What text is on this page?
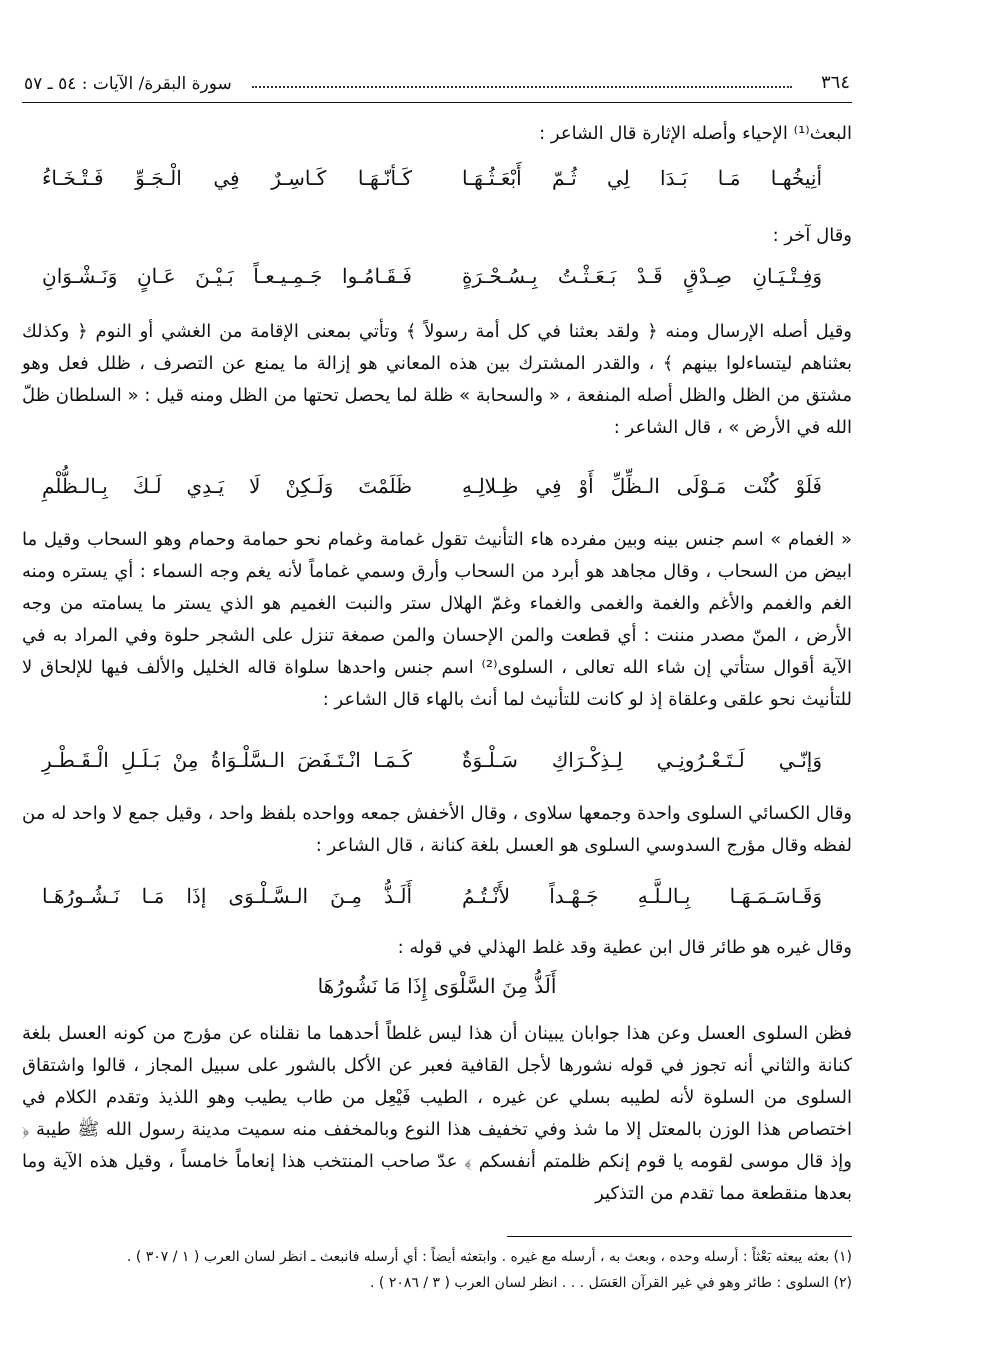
٣٦٤
سورة البقرة/ الآيات : ٥٤ ـ ٥٧

البعث⁽¹⁾ الإحياء وأصله الإثارة قال الشاعر :

أنِيخُهـا مَـا بَـدَا لِي ثُـمّ أَبْعَـثُـهَـا
كَـأنّـهَـا كَـاسِـرٌ فِي الْـجَـوِّ فَـتْـخَـاءُ

وقال آخر :

وَفِـتْـيَـانِ صِـدْقٍ قَـدْ بَـعَـثْـتُ بِـسُـحْـرَةٍ
فَـقَـامُـوا جَـمِـيـعـاً بَـيْـنَ عَـانٍ وَنَـشْـوَانِ

وقيل أصله الإرسال ومنه ﴿ ولقد بعثنا في كل أمة رسولاً ﴾ وتأتي بمعنى الإقامة من الغشي أو النوم ﴿ وكذلك بعثناهم ليتساءلوا بينهم ﴾ ، والقدر المشترك بين هذه المعاني هو إزالة ما يمنع عن التصرف ، ظلل فعل وهو مشتق من الظل والظل أصله المنفعة ، « والسحابة » ظلة لما يحصل تحتها من الظل ومنه قيل : « السلطان ظلّ الله في الأرض » ، قال الشاعر :

فَلَوْ كُنْت مَـوْلَى الـظِّلِّ أَوْ فِي ظِـلالِـهِ
ظَلَمْتَ وَلَـكِنْ لَا يَـدِي لَـكَ بِـالـظُّلْمِ

« الغمام » اسم جنس بينه وبين مفرده هاء التأنيث تقول غمامة وغمام نحو حمامة وحمام وهو السحاب وقيل ما ابيض من السحاب ، وقال مجاهد هو أبرد من السحاب وأرق وسمي غماماً لأنه يغم وجه السماء : أي يستره ومنه الغم والغمم والأغم والغمة والغمى والغماء وغمّ الهلال ستر والنبت الغميم هو الذي يستر ما يسامته من وجه الأرض ، المنّ مصدر مننت : أي قطعت والمن الإحسان والمن صمغة تنزل على الشجر حلوة وفي المراد به في الآية أقوال ستأتي إن شاء الله تعالى ، السلوى⁽²⁾ اسم جنس واحدها سلواة قاله الخليل والألف فيها للإلحاق لا للتأنيث نحو علقى وعلقاة إذ لو كانت للتأنيث لما أنث بالهاء قال الشاعر :

وَإنّـي لَـتَـعْـرُونِـي لِـذِكْـرَاكِ سَـلْـوَةٌ
كَـمَـا انْـتَـفَضَ الـسَّلْـوَاةُ مِنْ بَـلَـلِ الْـقَـطْـرِ

وقال الكسائي السلوى واحدة وجمعها سلاوى ، وقال الأخفش جمعه وواحده بلفظ واحد ، وقيل جمع لا واحد له من لفظه وقال مؤرج السدوسي السلوى هو العسل بلغة كنانة ، قال الشاعر :

وَقَـاسَـمَـهَـا بِـالـلَّـهِ جَـهْـداً لأَنْـتُـمُ
أَلَـذُّ مِـنَ الـسَّـلْـوَى إذَا مَـا نَـشُـورُهَـا

وقال غيره هو طائر قال ابن عطية وقد غلط الهذلي في قوله :

أَلَذُّ مِنَ السَّلْوَى إِذَا مَا نَشُورُهَا

فظن السلوى العسل وعن هذا جوابان يبينان أن هذا ليس غلطاً أحدهما ما نقلناه عن مؤرج من كونه العسل بلغة كنانة والثاني أنه تجوز في قوله نشورها لأجل القافية فعبر عن الأكل بالشور على سبيل المجاز ، قالوا واشتقاق السلوى من السلوة لأنه لطيبه بسلي عن غيره ، الطيب فَيْعِل من طاب يطيب وهو اللذيذ وتقدم الكلام في اختصاص هذا الوزن بالمعتل إلا ما شذ وفي تخفيف هذا النوع وبالمخفف منه سميت مدينة رسول الله ﷺ طيبة ﴿ وإذ قال موسى لقومه يا قوم إنكم ظلمتم أنفسكم ﴾ عدّ صاحب المنتخب هذا إنعاماً خامساً ، وقيل هذه الآية وما بعدها منقطعة مما تقدم من التذكير

(١) بعثه يبعثه بَعْثاً : أرسله وحده ، وبعث به ، أرسله مع غيره . وابتعثه أيضاً : أي أرسله فانبعث ـ انظر لسان العرب ( ١ / ٣٠٧ ) .
(٢) السلوى : طائر وهو في غير القرآن العَسَل . . . انظر لسان العرب ( ٣ / ٢٠٨٦ ) .
